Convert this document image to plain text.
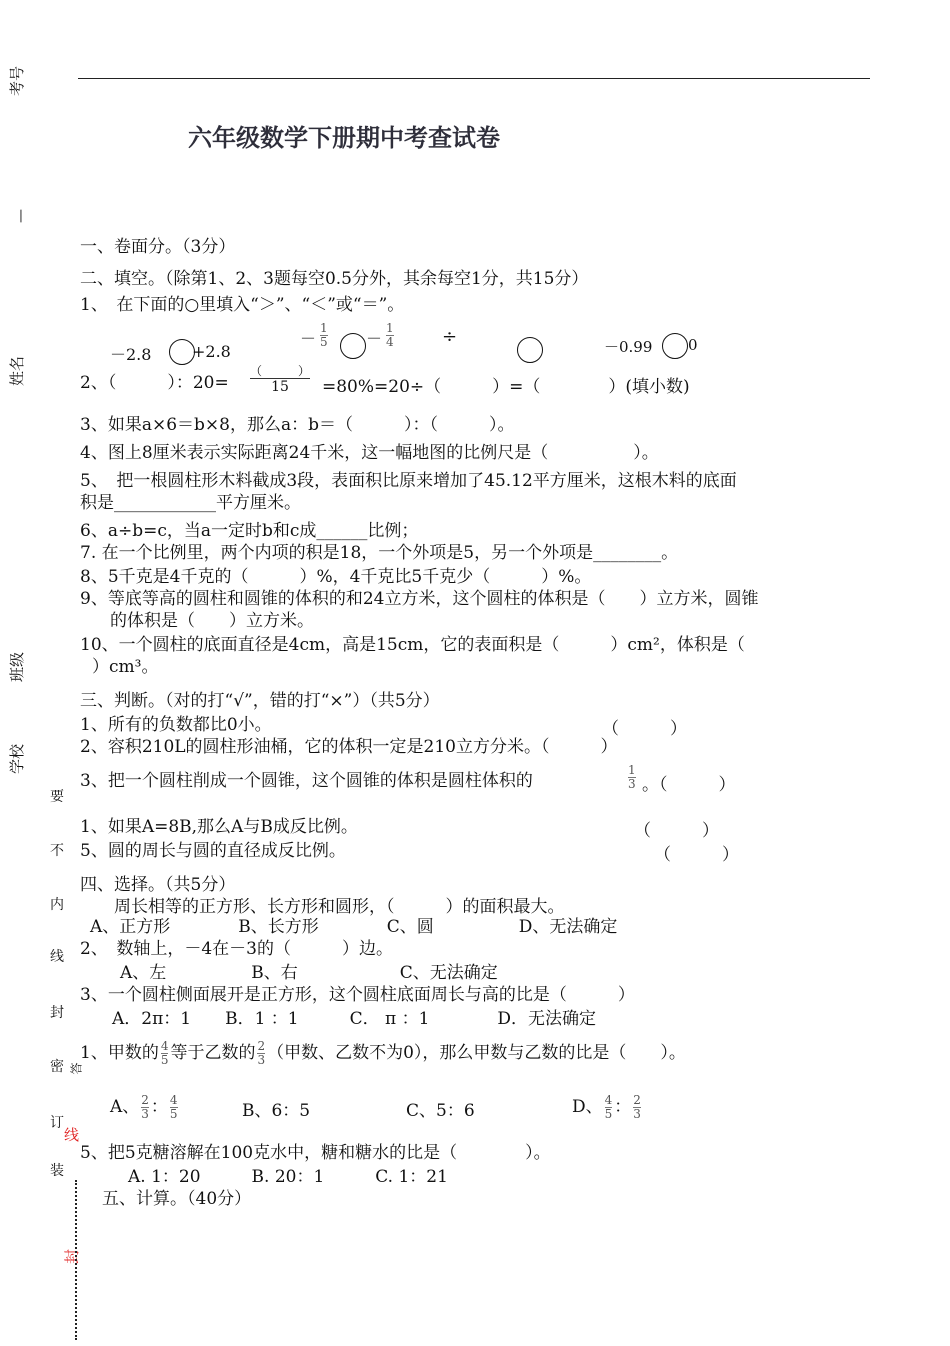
考号
—
姓名
班级
学校
要
不
内
线
封
密
订
装
答
线
封
六年级数学下册期中考查试卷
一、卷面分。（3分）
二、填空。（除第1、2、3题每空0.5分外，其余每空1分，共15分）
1、　在下面的○里填入“＞”、“＜”或“＝”。
－2.8	+2.8
－ $\frac{1}{5} - \frac{1}{4}$	÷	－0.99 0
2、（　　　）：20=
（　　　）
15	=80%=20÷（　　　）=（　　　　）(填小数)
3、如果a×6＝b×8，那么a：b＝（　　　）：（　　　）。
4、图上8厘米表示实际距离24千米，这一幅地图的比例尺是（　　　　　）。
5、　把一根圆柱形木料截成3段，表面积比原来增加了45.12平方厘米，这根木料的底面
积是____________平方厘米。
6、a÷b=c，当a一定时b和c成______比例；
7. 在一个比例里，两个内项的积是18，一个外项是5，另一个外项是________。
8、5千克是4千克的（　　　）%，4千克比5千克少（　　　）%。
9、等底等高的圆柱和圆锥的体积的和24立方米，这个圆柱的体积是（　　）立方米，圆锥
的体积是（　　）立方米。
10、一个圆柱的底面直径是4cm，高是15cm，它的表面积是（　　　）cm²，体积是（
）cm³。
三、判断。（对的打“√”，错的打“×”）（共5分）
1、所有的负数都比0小。	（　　　）
2、容积210L的圆柱形油桶，它的体积一定是210立方分米。（　　　）
3、把一个圆柱削成一个圆锥，这个圆锥的体积是圆柱体积的	$\frac{1}{3}$ 。（　　　）
1、如果A=8B,那么A与B成反比例。	（　　　）
5、圆的周长与圆的直径成反比例。	（　　　）
四、选择。（共5分）
　　周长相等的正方形、长方形和圆形，（　　　）的面积最大。
A、正方形　　　　B、长方形　　　　C、圆　　　　　D、无法确定
2、　数轴上，－4在－3的（　　　）边。
A、左　　　　　B、右　　　　　　C、无法确定
3、一个圆柱侧面展开是正方形，这个圆柱底面周长与高的比是（　　　）
A．2π：1　　B．1 ：1　　　C． π ：1　　　　D．无法确定
1、甲数的 $\frac{4}{5}$ 等于乙数的 $\frac{2}{3}$ （甲数、乙数不为0），那么甲数与乙数的比是（　　）。
A、 $\frac{2}{3}$ ： $\frac{4}{5}$	B、6：5	C、5：6	D、 $\frac{4}{5}$ ： $\frac{2}{3}$
5、把5克糖溶解在100克水中，糖和糖水的比是（　　　　）。
A. 1：20　　　B. 20：1　　　C. 1：21
五、计算。（40分）
